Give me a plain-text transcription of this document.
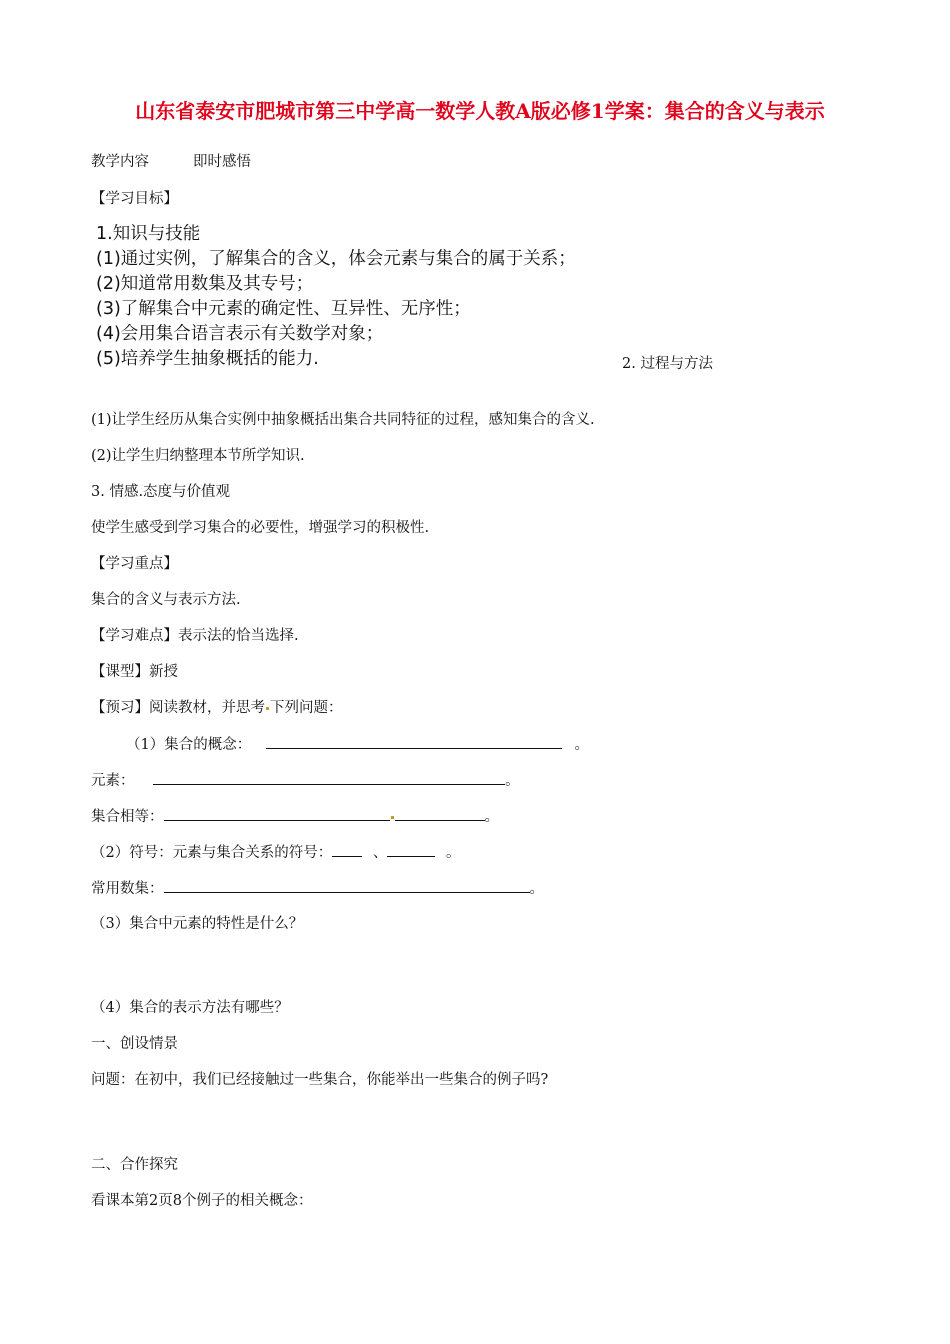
山东省泰安市肥城市第三中学高一数学人教A版必修1学案：集合的含义与表示
教学内容	即时感悟
【学习目标】
1.知识与技能
(1)通过实例，了解集合的含义，体会元素与集合的属于关系；
(2)知道常用数集及其专号；
(3)了解集合中元素的确定性、互异性、无序性；
(4)会用集合语言表示有关数学对象；
(5)培养学生抽象概括的能力.	2. 过程与方法
(1)让学生经历从集合实例中抽象概括出集合共同特征的过程，感知集合的含义.
(2)让学生归纳整理本节所学知识.
3. 情感.态度与价值观
使学生感受到学习集合的必要性，增强学习的积极性.
【学习重点】
集合的含义与表示方法.
【学习难点】表示法的恰当选择.
【课型】新授
【预习】阅读教材，并思考 下列问题：
（1）集合的概念：	。
元素：	。
集合相等：	。
（2）符号：元素与集合关系的符号：	、	。
常用数集：	。
（3）集合中元素的特性是什么？
（4）集合的表示方法有哪些？
一、创设情景
问题：在初中，我们已经接触过一些集合，你能举出一些集合的例子吗?
二、合作探究
看课本第2页8个例子的相关概念：
